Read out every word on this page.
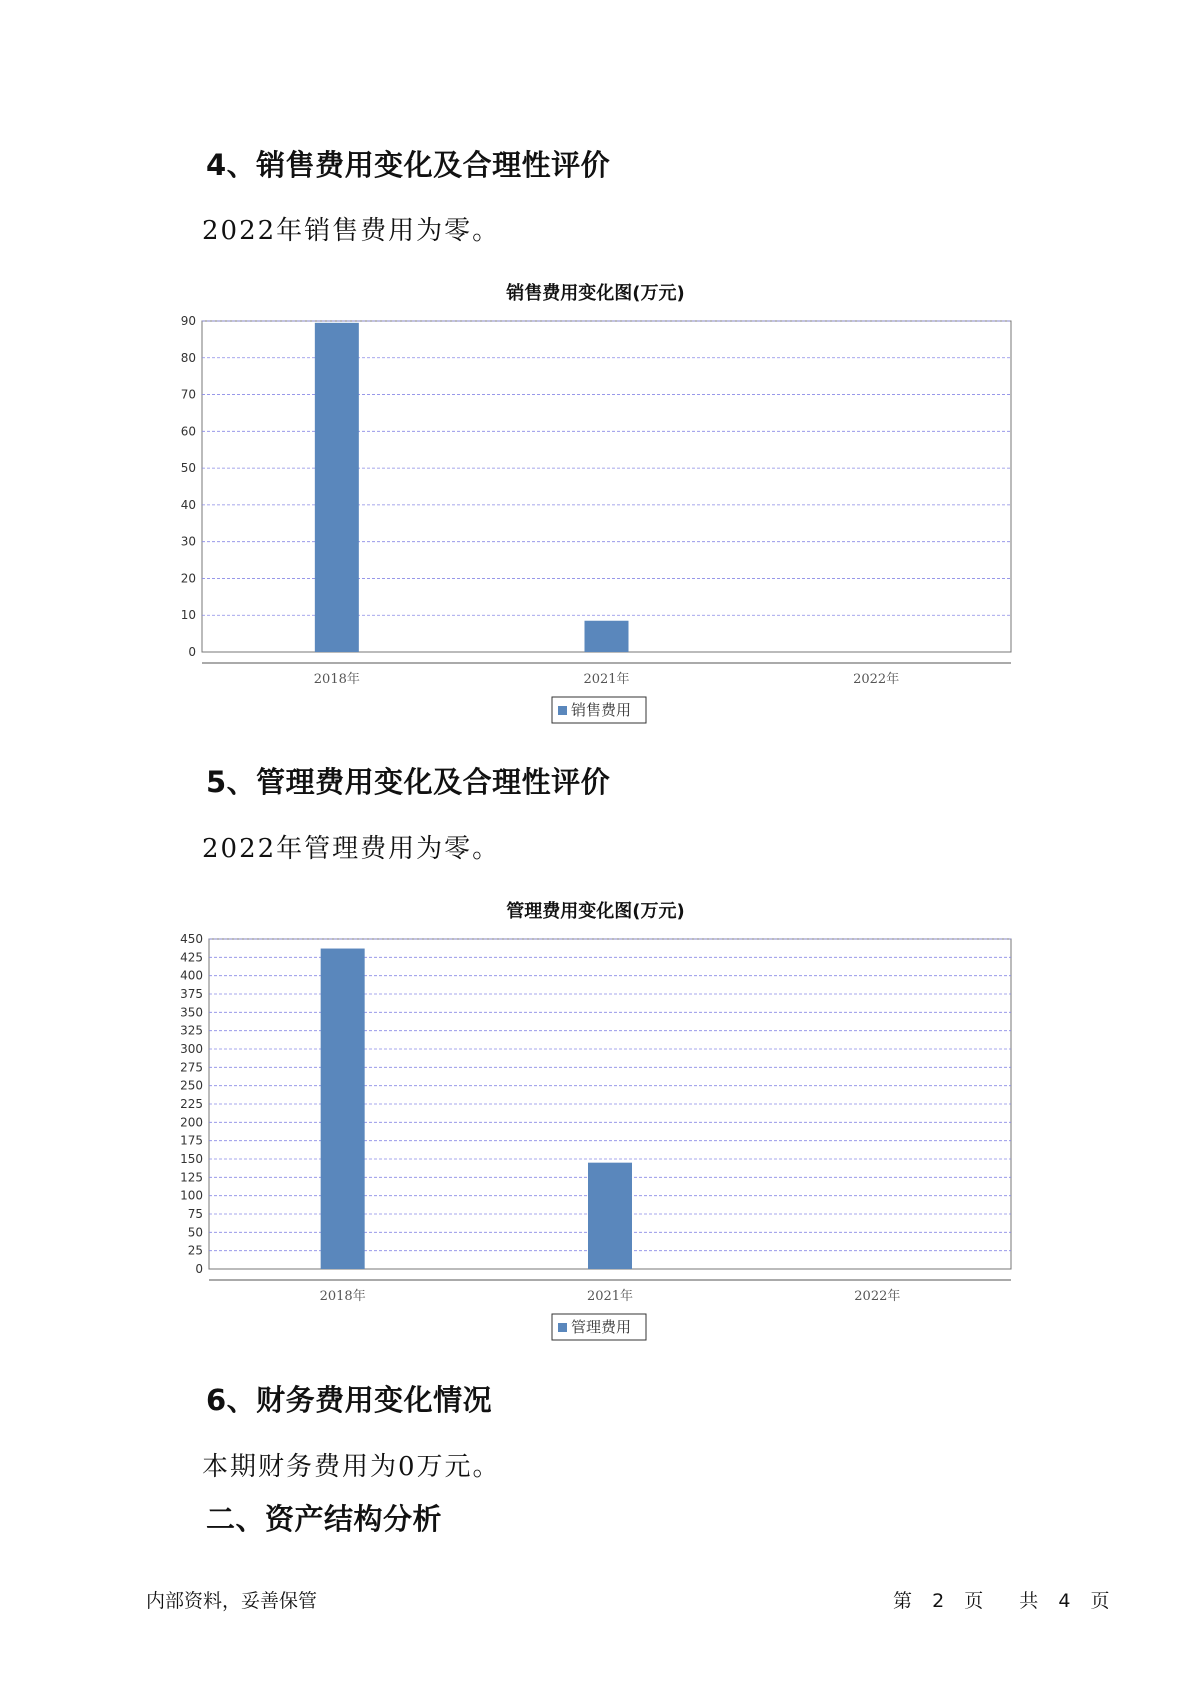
4、销售费用变化及合理性评价

2022年销售费用为零。

销售费用变化图(万元)
0
10
20
30
40
50
60
70
80
90
2018年	2021年	2022年
销售费用
5、管理费用变化及合理性评价

2022年管理费用为零。

管理费用变化图(万元)
0
25
50
75
100
125
150
175
200
225
250
275
300
325
350
375
400
425
450
2018年	2021年	2022年
管理费用
6、财务费用变化情况

本期财务费用为0万元。

二、资产结构分析
内部资料，妥善保管	第 2 页 共 4 页
